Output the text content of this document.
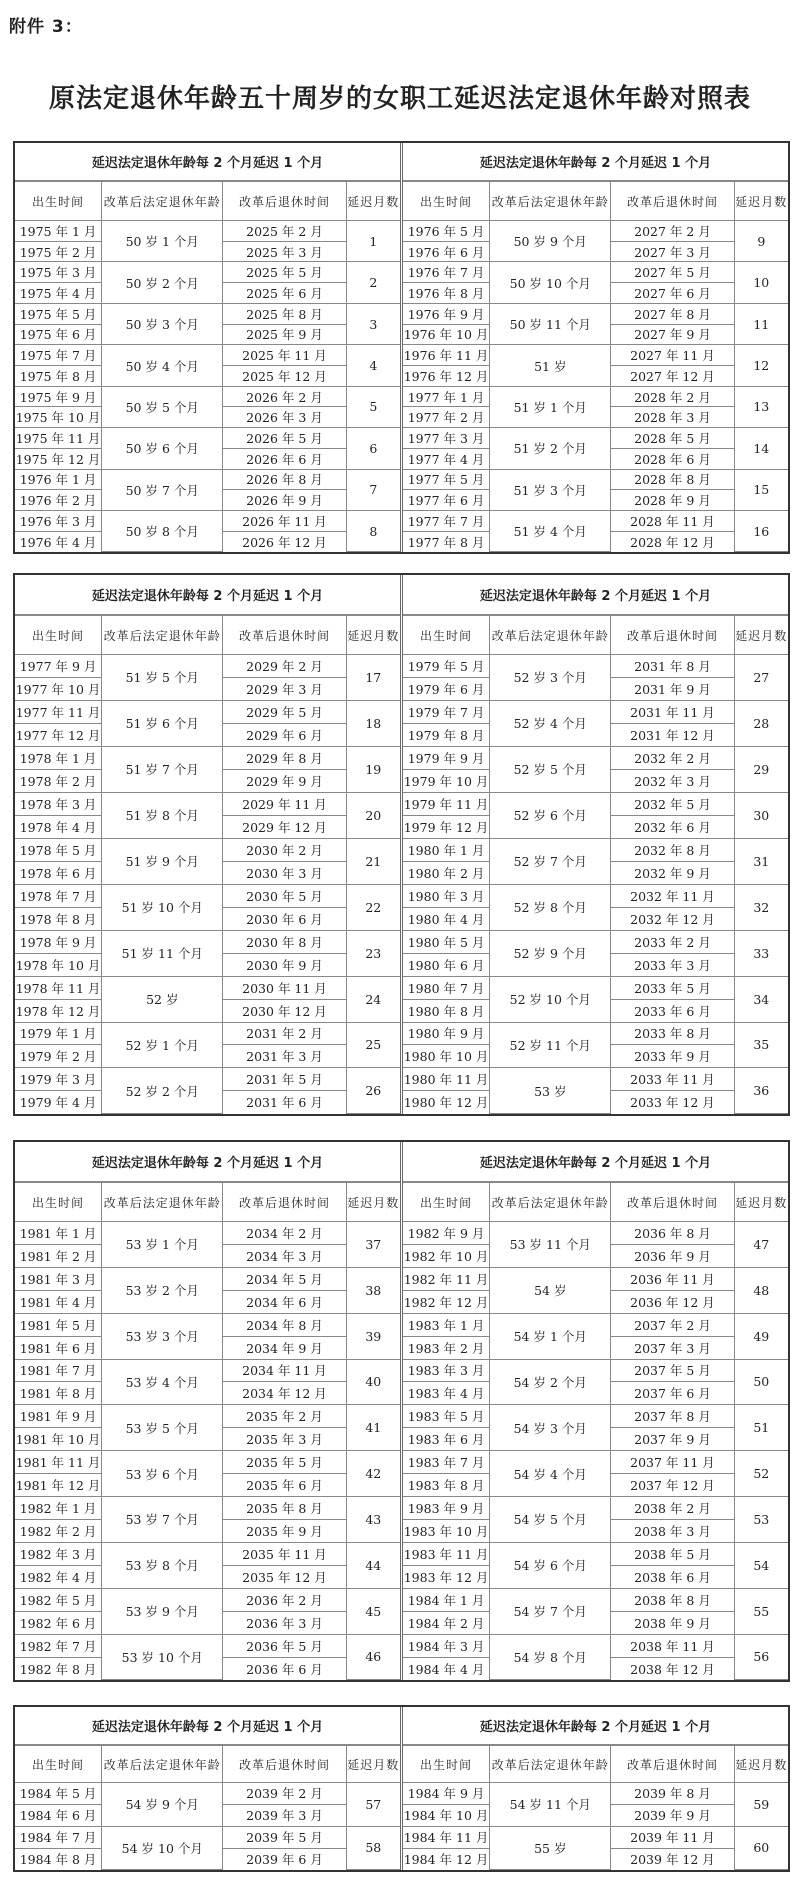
附件 3：
原法定退休年龄五十周岁的女职工延迟法定退休年龄对照表
延迟法定退休年龄每 2 个月延迟 1 个月
出生时间	改革后法定退休年龄	改革后退休时间	延迟月数
1975 年 1 月	50 岁 1 个月	2025 年 2 月	1
1975 年 2 月		2025 年 3 月	
1975 年 3 月	50 岁 2 个月	2025 年 5 月	2
1975 年 4 月		2025 年 6 月	
1975 年 5 月	50 岁 3 个月	2025 年 8 月	3
1975 年 6 月		2025 年 9 月	
1975 年 7 月	50 岁 4 个月	2025 年 11 月	4
1975 年 8 月		2025 年 12 月	
1975 年 9 月	50 岁 5 个月	2026 年 2 月	5
1975 年 10 月		2026 年 3 月	
1975 年 11 月	50 岁 6 个月	2026 年 5 月	6
1975 年 12 月		2026 年 6 月	
1976 年 1 月	50 岁 7 个月	2026 年 8 月	7
1976 年 2 月		2026 年 9 月	
1976 年 3 月	50 岁 8 个月	2026 年 11 月	8
1976 年 4 月		2026 年 12 月	
延迟法定退休年龄每 2 个月延迟 1 个月
出生时间	改革后法定退休年龄	改革后退休时间	延迟月数
1976 年 5 月	50 岁 9 个月	2027 年 2 月	9
1976 年 6 月		2027 年 3 月	
1976 年 7 月	50 岁 10 个月	2027 年 5 月	10
1976 年 8 月		2027 年 6 月	
1976 年 9 月	50 岁 11 个月	2027 年 8 月	11
1976 年 10 月		2027 年 9 月	
1976 年 11 月	51 岁	2027 年 11 月	12
1976 年 12 月		2027 年 12 月	
1977 年 1 月	51 岁 1 个月	2028 年 2 月	13
1977 年 2 月		2028 年 3 月	
1977 年 3 月	51 岁 2 个月	2028 年 5 月	14
1977 年 4 月		2028 年 6 月	
1977 年 5 月	51 岁 3 个月	2028 年 8 月	15
1977 年 6 月		2028 年 9 月	
1977 年 7 月	51 岁 4 个月	2028 年 11 月	16
1977 年 8 月		2028 年 12 月	
延迟法定退休年龄每 2 个月延迟 1 个月
出生时间	改革后法定退休年龄	改革后退休时间	延迟月数
1977 年 9 月	51 岁 5 个月	2029 年 2 月	17
1977 年 10 月		2029 年 3 月	
1977 年 11 月	51 岁 6 个月	2029 年 5 月	18
1977 年 12 月		2029 年 6 月	
1978 年 1 月	51 岁 7 个月	2029 年 8 月	19
1978 年 2 月		2029 年 9 月	
1978 年 3 月	51 岁 8 个月	2029 年 11 月	20
1978 年 4 月		2029 年 12 月	
1978 年 5 月	51 岁 9 个月	2030 年 2 月	21
1978 年 6 月		2030 年 3 月	
1978 年 7 月	51 岁 10 个月	2030 年 5 月	22
1978 年 8 月		2030 年 6 月	
1978 年 9 月	51 岁 11 个月	2030 年 8 月	23
1978 年 10 月		2030 年 9 月	
1978 年 11 月	52 岁	2030 年 11 月	24
1978 年 12 月		2030 年 12 月	
1979 年 1 月	52 岁 1 个月	2031 年 2 月	25
1979 年 2 月		2031 年 3 月	
1979 年 3 月	52 岁 2 个月	2031 年 5 月	26
1979 年 4 月		2031 年 6 月	
延迟法定退休年龄每 2 个月延迟 1 个月
出生时间	改革后法定退休年龄	改革后退休时间	延迟月数
1979 年 5 月	52 岁 3 个月	2031 年 8 月	27
1979 年 6 月		2031 年 9 月	
1979 年 7 月	52 岁 4 个月	2031 年 11 月	28
1979 年 8 月		2031 年 12 月	
1979 年 9 月	52 岁 5 个月	2032 年 2 月	29
1979 年 10 月		2032 年 3 月	
1979 年 11 月	52 岁 6 个月	2032 年 5 月	30
1979 年 12 月		2032 年 6 月	
1980 年 1 月	52 岁 7 个月	2032 年 8 月	31
1980 年 2 月		2032 年 9 月	
1980 年 3 月	52 岁 8 个月	2032 年 11 月	32
1980 年 4 月		2032 年 12 月	
1980 年 5 月	52 岁 9 个月	2033 年 2 月	33
1980 年 6 月		2033 年 3 月	
1980 年 7 月	52 岁 10 个月	2033 年 5 月	34
1980 年 8 月		2033 年 6 月	
1980 年 9 月	52 岁 11 个月	2033 年 8 月	35
1980 年 10 月		2033 年 9 月	
1980 年 11 月	53 岁	2033 年 11 月	36
1980 年 12 月		2033 年 12 月	
延迟法定退休年龄每 2 个月延迟 1 个月
出生时间	改革后法定退休年龄	改革后退休时间	延迟月数
1981 年 1 月	53 岁 1 个月	2034 年 2 月	37
1981 年 2 月		2034 年 3 月	
1981 年 3 月	53 岁 2 个月	2034 年 5 月	38
1981 年 4 月		2034 年 6 月	
1981 年 5 月	53 岁 3 个月	2034 年 8 月	39
1981 年 6 月		2034 年 9 月	
1981 年 7 月	53 岁 4 个月	2034 年 11 月	40
1981 年 8 月		2034 年 12 月	
1981 年 9 月	53 岁 5 个月	2035 年 2 月	41
1981 年 10 月		2035 年 3 月	
1981 年 11 月	53 岁 6 个月	2035 年 5 月	42
1981 年 12 月		2035 年 6 月	
1982 年 1 月	53 岁 7 个月	2035 年 8 月	43
1982 年 2 月		2035 年 9 月	
1982 年 3 月	53 岁 8 个月	2035 年 11 月	44
1982 年 4 月		2035 年 12 月	
1982 年 5 月	53 岁 9 个月	2036 年 2 月	45
1982 年 6 月		2036 年 3 月	
1982 年 7 月	53 岁 10 个月	2036 年 5 月	46
1982 年 8 月		2036 年 6 月	
延迟法定退休年龄每 2 个月延迟 1 个月
出生时间	改革后法定退休年龄	改革后退休时间	延迟月数
1982 年 9 月	53 岁 11 个月	2036 年 8 月	47
1982 年 10 月		2036 年 9 月	
1982 年 11 月	54 岁	2036 年 11 月	48
1982 年 12 月		2036 年 12 月	
1983 年 1 月	54 岁 1 个月	2037 年 2 月	49
1983 年 2 月		2037 年 3 月	
1983 年 3 月	54 岁 2 个月	2037 年 5 月	50
1983 年 4 月		2037 年 6 月	
1983 年 5 月	54 岁 3 个月	2037 年 8 月	51
1983 年 6 月		2037 年 9 月	
1983 年 7 月	54 岁 4 个月	2037 年 11 月	52
1983 年 8 月		2037 年 12 月	
1983 年 9 月	54 岁 5 个月	2038 年 2 月	53
1983 年 10 月		2038 年 3 月	
1983 年 11 月	54 岁 6 个月	2038 年 5 月	54
1983 年 12 月		2038 年 6 月	
1984 年 1 月	54 岁 7 个月	2038 年 8 月	55
1984 年 2 月		2038 年 9 月	
1984 年 3 月	54 岁 8 个月	2038 年 11 月	56
1984 年 4 月		2038 年 12 月	
延迟法定退休年龄每 2 个月延迟 1 个月
出生时间	改革后法定退休年龄	改革后退休时间	延迟月数
1984 年 5 月	54 岁 9 个月	2039 年 2 月	57
1984 年 6 月		2039 年 3 月	
1984 年 7 月	54 岁 10 个月	2039 年 5 月	58
1984 年 8 月		2039 年 6 月	
延迟法定退休年龄每 2 个月延迟 1 个月
出生时间	改革后法定退休年龄	改革后退休时间	延迟月数
1984 年 9 月	54 岁 11 个月	2039 年 8 月	59
1984 年 10 月		2039 年 9 月	
1984 年 11 月	55 岁	2039 年 11 月	60
1984 年 12 月		2039 年 12 月	
